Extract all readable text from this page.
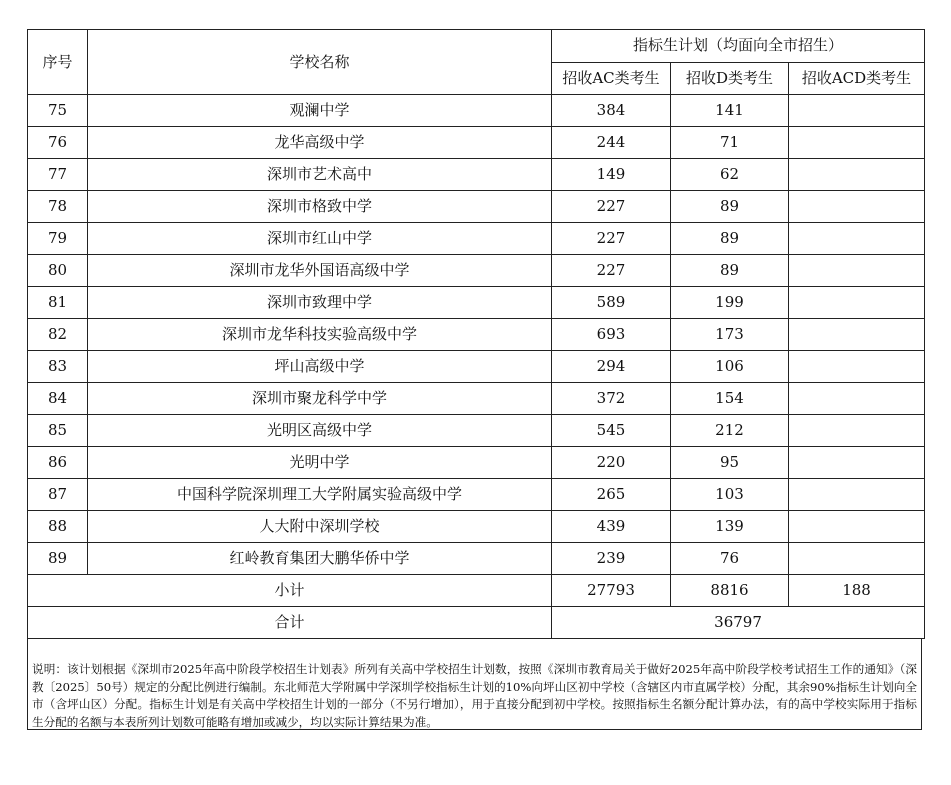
序号	学校名称	指标生计划（均面向全市招生）		
		招收AC类考生	招收D类考生	招收ACD类考生
75	观澜中学	384	141	
76	龙华高级中学	244	71	
77	深圳市艺术高中	149	62	
78	深圳市格致中学	227	89	
79	深圳市红山中学	227	89	
80	深圳市龙华外国语高级中学	227	89	
81	深圳市致理中学	589	199	
82	深圳市龙华科技实验高级中学	693	173	
83	坪山高级中学	294	106	
84	深圳市聚龙科学中学	372	154	
85	光明区高级中学	545	212	
86	光明中学	220	95	
87	中国科学院深圳理工大学附属实验高级中学	265	103	
88	人大附中深圳学校	439	139	
89	红岭教育集团大鹏华侨中学	239	76	
小计		27793	8816	188
合计		36797		
说明：该计划根据《深圳市2025年高中阶段学校招生计划表》所列有关高中学校招生计划数，按照《深圳市教育局关于做好2025年高中阶段学校考试招生工作的通知》（深教〔2025〕50号）规定的分配比例进行编制。东北师范大学附属中学深圳学校指标生计划的10%向坪山区初中学校（含辖区内市直属学校）分配，其余90%指标生计划向全市（含坪山区）分配。指标生计划是有关高中学校招生计划的一部分（不另行增加），用于直接分配到初中学校。按照指标生名额分配计算办法，有的高中学校实际用于指标生分配的名额与本表所列计划数可能略有增加或减少，均以实际计算结果为准。
